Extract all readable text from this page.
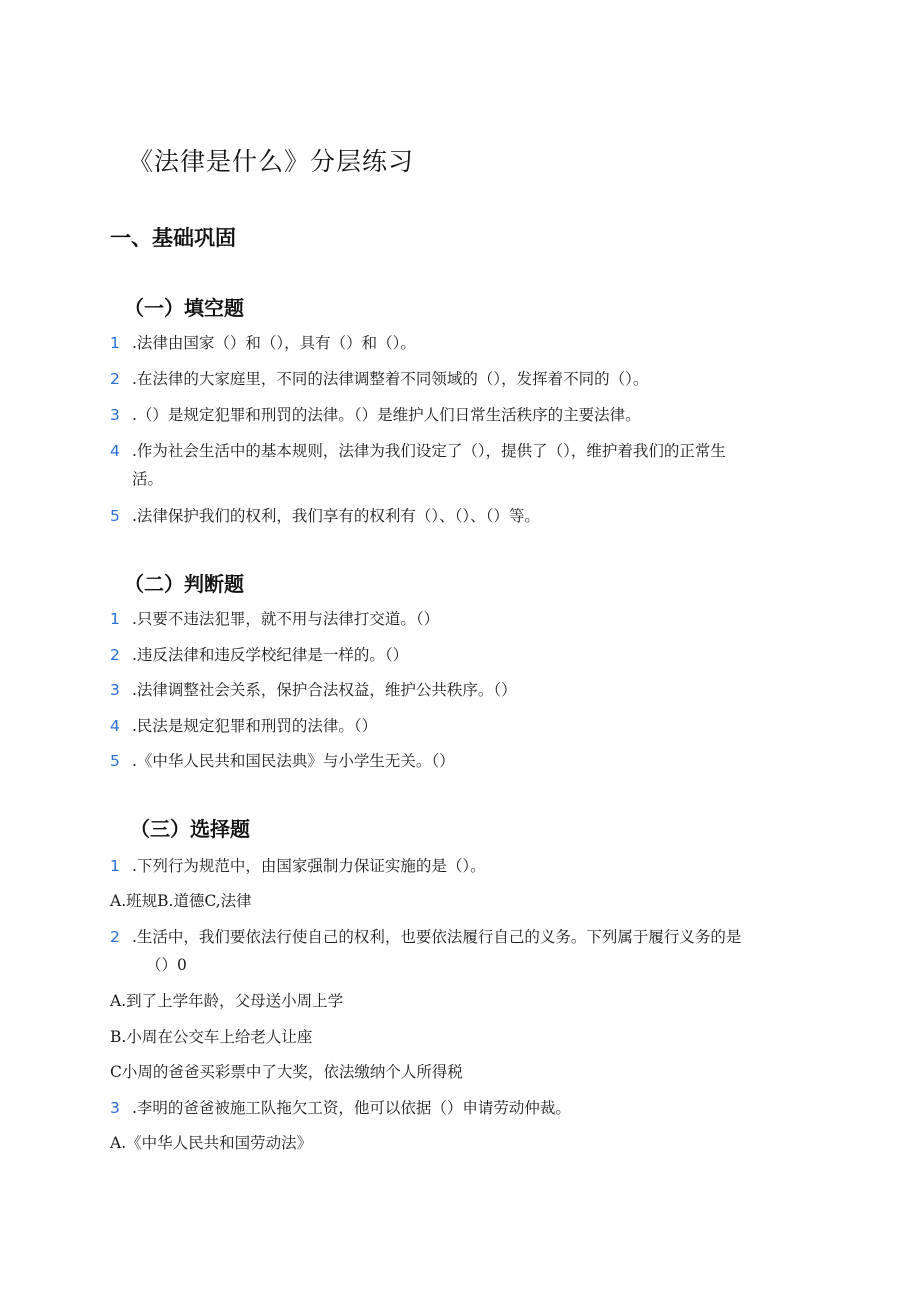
《法律是什么》分层练习
一、基础巩固
（一）填空题
1 .法律由国家（）和（），具有（）和（）。
2 .在法律的大家庭里，不同的法律调整着不同领域的（），发挥着不同的（）。
3 .（）是规定犯罪和刑罚的法律。（）是维护人们日常生活秩序的主要法律。
4 .作为社会生活中的基本规则，法律为我们设定了（），提供了（），维护着我们的正常生
活。
5 .法律保护我们的权利，我们享有的权利有（）、（）、（）等。
（二）判断题
1 .只要不违法犯罪，就不用与法律打交道。（）
2 .违反法律和违反学校纪律是一样的。（）
3 .法律调整社会关系，保护合法权益，维护公共秩序。（）
4 .民法是规定犯罪和刑罚的法律。（）
5 .《中华人民共和国民法典》与小学生无关。（）
（三）选择题
1 .下列行为规范中，由国家强制力保证实施的是（）。
A.班规B.道德C,法律
2 .生活中，我们要依法行使自己的权利，也要依法履行自己的义务。下列属于履行义务的是
（）0
A.到了上学年龄，父母送小周上学
B.小周在公交车上给老人让座
C小周的爸爸买彩票中了大奖，依法缴纳个人所得税
3 .李明的爸爸被施工队拖欠工资，他可以依据（）申请劳动仲裁。
A.《中华人民共和国劳动法》
